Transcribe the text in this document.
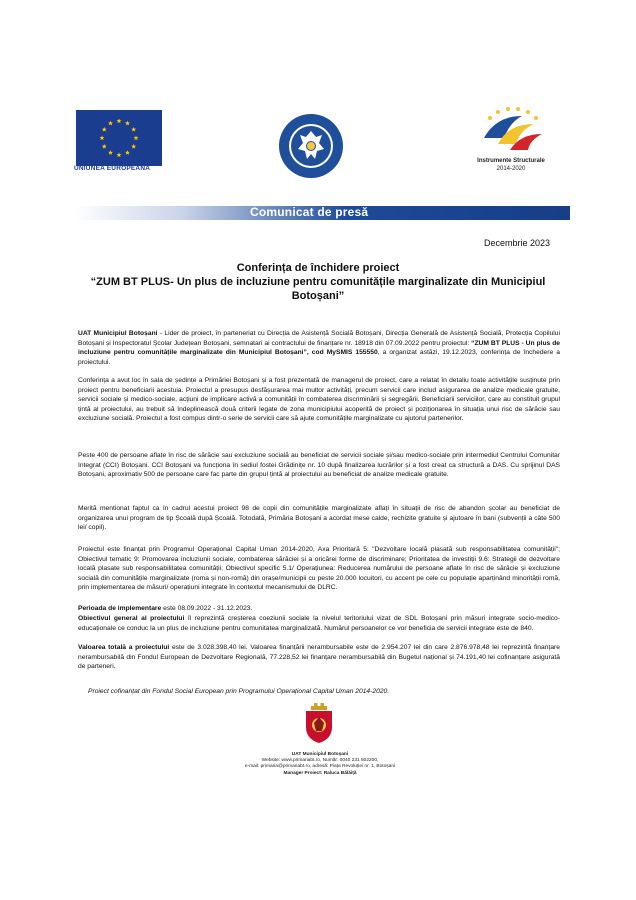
UNIUNEA EUROPEANĂ
Instrumente Structurale
2014-2020
Comunicat de presă
Decembrie 2023
Conferința de închidere proiect
“ZUM BT PLUS- Un plus de incluziune pentru comunitățile marginalizate din Municipiul Botoșani”
UAT Municipiul Botoșani - Lider de proiect, în parteneriat cu Direcția de Asistență Socială Botoșani, Direcția Generală de Asistență Socială, Protecția Copilului Botoșani și Inspectoratul Școlar Județean Botoșani, semnatari ai contractului de finanțare nr. 18918 din 07.09.2022 pentru proiectul: “ZUM BT PLUS - Un plus de incluziune pentru comunitățile marginalizate din Municipiul Botoșani”, cod MySMIS 155550, a organizat astăzi, 19.12.2023, conferința de închedere a proiectului.
Conferința a avut loc în sala de ședințe a Primăriei Botoșani și a fost prezentată de managerul de proiect, care a relatat în detaliu toate activitățile susținute prin proiect pentru beneficiarii acestuia. Proiectul a presupus desfășurarea mai multor activități, precum servicii care includ asigurarea de analize medicale gratuite, servicii sociale și medico-sociale, acțiuni de implicare activă a comunității în combaterea discriminării și segregării. Beneficiarii serviciilor, care au constituit grupul țintă al proiectului, au trebuit să îndeplinească două criterii legate de zona municipiului acoperită de proiect și poziționarea în situația unui risc de sărăcie sau excluziune socială. Proiectul a fost compus dintr-o serie de servicii care să ajute comunitățile marginalizate cu ajutorul partenerilor.
Peste 400 de persoane aflate în risc de sărăcie sau excluziune socială au beneficiat de servicii sociale și/sau medico-sociale prin intermediul Centrului Comunitar Integrat (CCI) Botoșani. CCI Botoșani va funcționa în sediul fostei Grădinițe nr. 10 după finalizarea lucrărilor și a fost creat ca structură a DAS. Cu sprijinul DAS Botoșani, aproximativ 500 de persoane care fac parte din grupul țintă al proiectului au beneficiat de analize medicale gratuite.
Merită mentionat faptul ca în cadrul acestui proiect 98 de copii din comunitățile marginalizate aflați în situații de risc de abandon școlar au beneficiat de organizarea unui program de tip Școală după Școală. Totodată, Primăria Botoșani a acordat mese calde, rechizite gratuite și ajutoare în bani (subvenții a câte 500 lei/ copil).
Proiectul este finanțat prin Programul Operațional Capital Uman 2014-2020, Axa Prioritară 5: "Dezvoltare locală plasată sub responsabilitatea comunității"; Obiectivul tematic 9: Promovarea incluziunii sociale, combaterea sărăciei și a oricărei forme de discriminare; Prioritatea de investiții 9.6: Strategii de dezvoltare locală plasate sub responsabilitatea comunității; Obiectivul specific 5.1/ Operațiunea: Reducerea numărului de persoane aflate în risc de sărăcie și excluziune socială din comunitățile marginalizate (roma și non-romă) din orașe/municipii cu peste 20.000 locuitori, cu accent pe cele cu populație aparținând minorității romă, prin implementarea de măsuri/ operațiuni integrate în contextul mecanismului de DLRC.
Perioada de implementare este 08.09.2022 - 31.12.2023.
Obiectivul general al proiectului îl reprezintă creșterea coeziunii sociale la nivelul teritoriului vizat de SDL Botoșani prin măsuri integrate socio-medico-educaționale ce conduc la un plus de incluziune pentru comunitatea marginalizată. Numărul persoanelor ce vor beneficia de servicii integrate este de 840.
Valoarea totală a proiectului este de 3.028.398,40 lei. Valoarea finanțării nerambursabile este de 2.954.207 lei din care 2.876.978,48 lei reprezintă finanțare nerambursabilă din Fondul European de Dezvoltare Regională, 77.228,52 lei finanțare nerambursabilă din Bugetul național și 74.191,40 lei cofinanțare asigurată de parteneri.
Proiect cofinanțat din Fondul Social European prin Programului Operațional Capital Uman 2014-2020.
UAT Municipiul Botoșani
Website: www.primariabt.ro, Număr: 0040 231 502200,
e-mail: primaria@primariabt.ro, adresă: Piața Revoluției nr. 1, Botoșani
Manager Proiect: Raluca Bălăiță
